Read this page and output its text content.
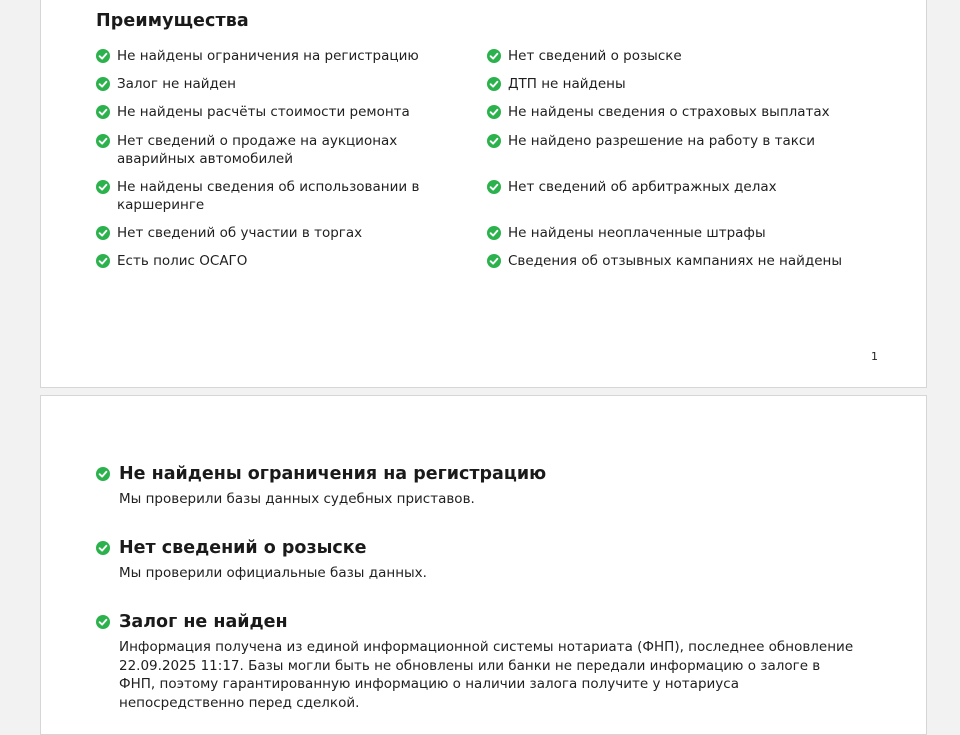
Преимущества
Не найдены ограничения на регистрацию
Залог не найден
Не найдены расчёты стоимости ремонта
Нет сведений о продаже на аукционах аварийных автомобилей
Не найдены сведения об использовании в каршеринге
Нет сведений об участии в торгах
Есть полис ОСАГО
Нет сведений о розыске
ДТП не найдены
Не найдены сведения о страховых выплатах
Не найдено разрешение на работу в такси
Нет сведений об арбитражных делах
Не найдены неоплаченные штрафы
Сведения об отзывных кампаниях не найдены
1
Не найдены ограничения на регистрацию

Мы проверили базы данных судебных приставов.

Нет сведений о розыске

Мы проверили официальные базы данных.

Залог не найден

Информация получена из единой информационной системы нотариата (ФНП), последнее обновление 22.09.2025 11:17. Базы могли быть не обновлены или банки не передали информацию о залоге в ФНП, поэтому гарантированную информацию о наличии залога получите у нотариуса непосредственно перед сделкой.
